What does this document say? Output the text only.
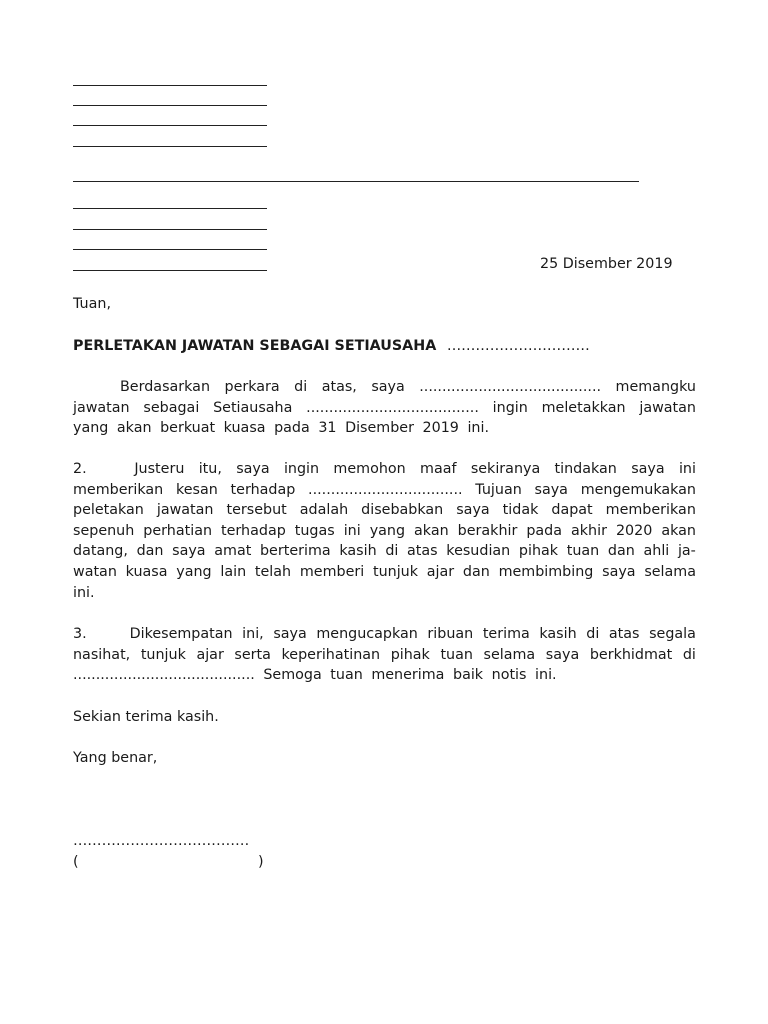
25 Disember 2019
Tuan,
PERLETAKAN JAWATAN SEBAGAI SETIAUSAHA …………………………
Berdasarkan perkara di atas, saya ........................................ memangku
jawatan sebagai Setiausaha ...................................... ingin meletakkan jawatan
yang akan berkuat kuasa pada 31 Disember 2019 ini.
2.	Justeru itu, saya ingin memohon maaf sekiranya tindakan saya ini
memberikan kesan terhadap .................................. Tujuan saya mengemukakan
peletakan jawatan tersebut adalah disebabkan saya tidak dapat memberikan
sepenuh perhatian terhadap tugas ini yang akan berakhir pada akhir 2020 akan
datang, dan saya amat berterima kasih di atas kesudian pihak tuan dan ahli ja-
watan kuasa yang lain telah memberi tunjuk ajar dan membimbing saya selama
ini.
3.	Dikesempatan ini, saya mengucapkan ribuan terima kasih di atas segala
nasihat, tunjuk ajar serta keperihatinan pihak tuan selama saya berkhidmat di
........................................ Semoga tuan menerima baik notis ini.
Sekian terima kasih.
Yang benar,
……………………………….
(	)
